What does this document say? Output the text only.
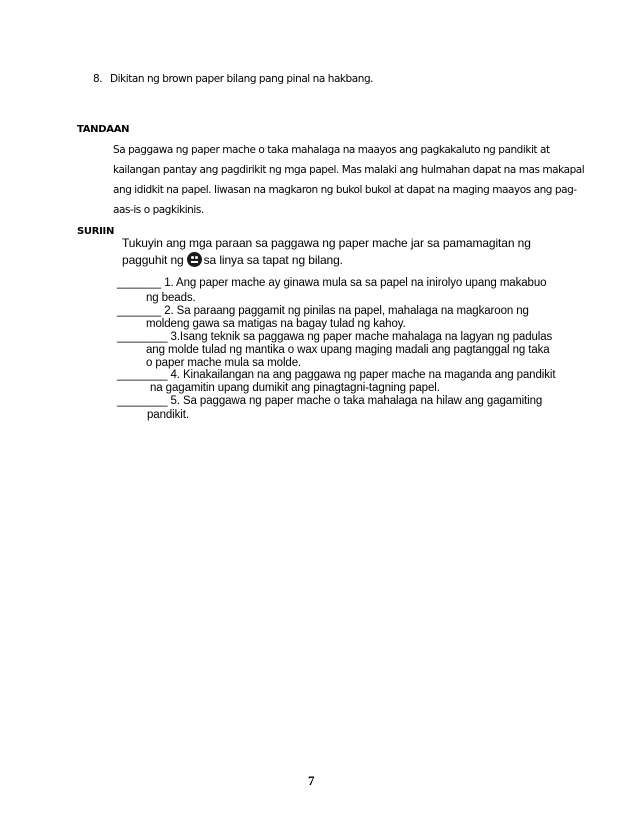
8. Dikitan ng brown paper bilang pang pinal na hakbang.
TANDAAN
Sa paggawa ng paper mache o taka mahalaga na maayos ang pagkakaluto ng pandikit at
kailangan pantay ang pagdirikit ng mga papel. Mas malaki ang hulmahan dapat na mas makapal
ang ididkit na papel. Iiwasan na magkaron ng bukol bukol at dapat na maging maayos ang pag-
aas-is o pagkikinis.
SURIIN
Tukuyin ang mga paraan sa paggawa ng paper mache jar sa pamamagitan ng
pagguhit ng sa linya sa tapat ng bilang.
_______ 1. Ang paper mache ay ginawa mula sa sa papel na inirolyo upang makabuo
ng beads.
_______ 2. Sa paraang paggamit ng pinilas na papel, mahalaga na magkaroon ng
moldeng gawa sa matigas na bagay tulad ng kahoy.
________ 3.Isang teknik sa paggawa ng paper mache mahalaga na lagyan ng padulas
ang molde tulad ng mantika o wax upang maging madali ang pagtanggal ng taka
o paper mache mula sa molde.
________ 4. Kinakailangan na ang paggawa ng paper mache na maganda ang pandikit
na gagamitin upang dumikit ang pinagtagni-tagning papel.
________ 5. Sa paggawa ng paper mache o taka mahalaga na hilaw ang gagamiting
pandikit.
7
